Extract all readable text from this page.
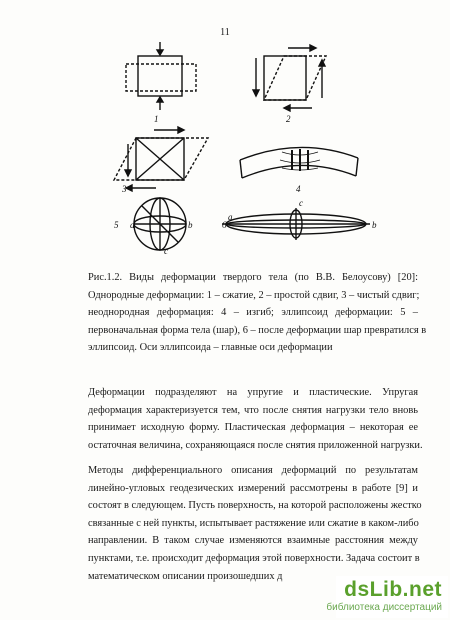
11
1	2
3	4
5	6
a	b
c
a
b
c
Рис.1.2. Виды деформации твердого тела (по В.В. Белоусову) [20]:
Однородные деформации: 1 – сжатие, 2 – простой сдвиг, 3 – чистый сдвиг;
неоднородная деформация: 4 – изгиб; эллипсоид деформации: 5 –
первоначальная форма тела (шар), 6 – после деформации шар превратился в
эллипсоид. Оси эллипсоида – главные оси деформации
Деформации подразделяют на упругие и пластические. Упругая
деформация характеризуется тем, что после снятия нагрузки тело вновь
принимает исходную форму. Пластическая деформация – некоторая ее
остаточная величина, сохраняющаяся после снятия приложенной нагрузки.
Методы дифференциального описания деформаций по результатам
линейно-угловых геодезических измерений рассмотрены в работе [9] и
состоят в следующем. Пусть поверхность, на которой расположены жестко
связанные с ней пункты, испытывает растяжение или сжатие в каком-либо
направлении. В таком случае изменяются взаимные расстояния между
пунктами, т.е. происходит деформация этой поверхности. Задача состоит в
математическом описании произошедших д
dsLib.net
библиотека диссертаций
